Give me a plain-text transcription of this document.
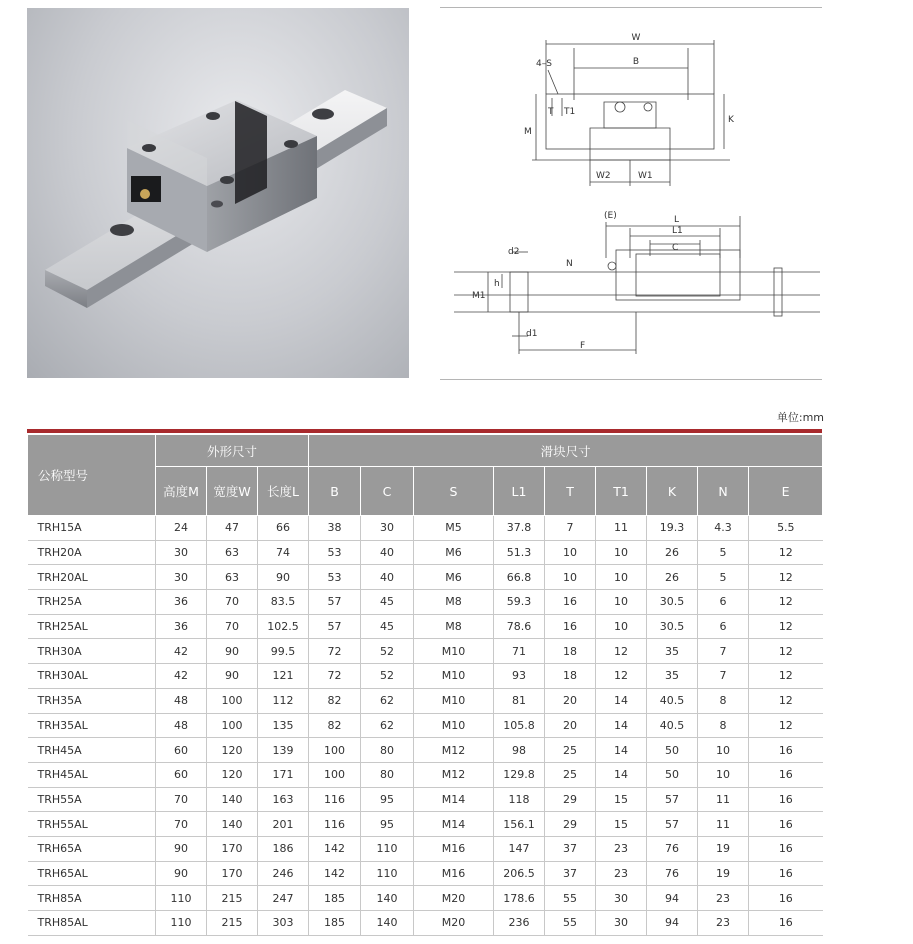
W
B
4–S
T T1
M
K
W2	W1
(E)	L
L1
C
N
d2
h
M1
d1
F
单位:mm
公称型号	外形尺寸			滑块尺寸								
	高度M	宽度W	长度L	B	C	S	L1	T	T1	K	N	E
TRH15A	24	47	66	38	30	M5	37.8	7	11	19.3	4.3	5.5
TRH20A	30	63	74	53	40	M6	51.3	10	10	26	5	12
TRH20AL	30	63	90	53	40	M6	66.8	10	10	26	5	12
TRH25A	36	70	83.5	57	45	M8	59.3	16	10	30.5	6	12
TRH25AL	36	70	102.5	57	45	M8	78.6	16	10	30.5	6	12
TRH30A	42	90	99.5	72	52	M10	71	18	12	35	7	12
TRH30AL	42	90	121	72	52	M10	93	18	12	35	7	12
TRH35A	48	100	112	82	62	M10	81	20	14	40.5	8	12
TRH35AL	48	100	135	82	62	M10	105.8	20	14	40.5	8	12
TRH45A	60	120	139	100	80	M12	98	25	14	50	10	16
TRH45AL	60	120	171	100	80	M12	129.8	25	14	50	10	16
TRH55A	70	140	163	116	95	M14	118	29	15	57	11	16
TRH55AL	70	140	201	116	95	M14	156.1	29	15	57	11	16
TRH65A	90	170	186	142	110	M16	147	37	23	76	19	16
TRH65AL	90	170	246	142	110	M16	206.5	37	23	76	19	16
TRH85A	110	215	247	185	140	M20	178.6	55	30	94	23	16
TRH85AL	110	215	303	185	140	M20	236	55	30	94	23	16
